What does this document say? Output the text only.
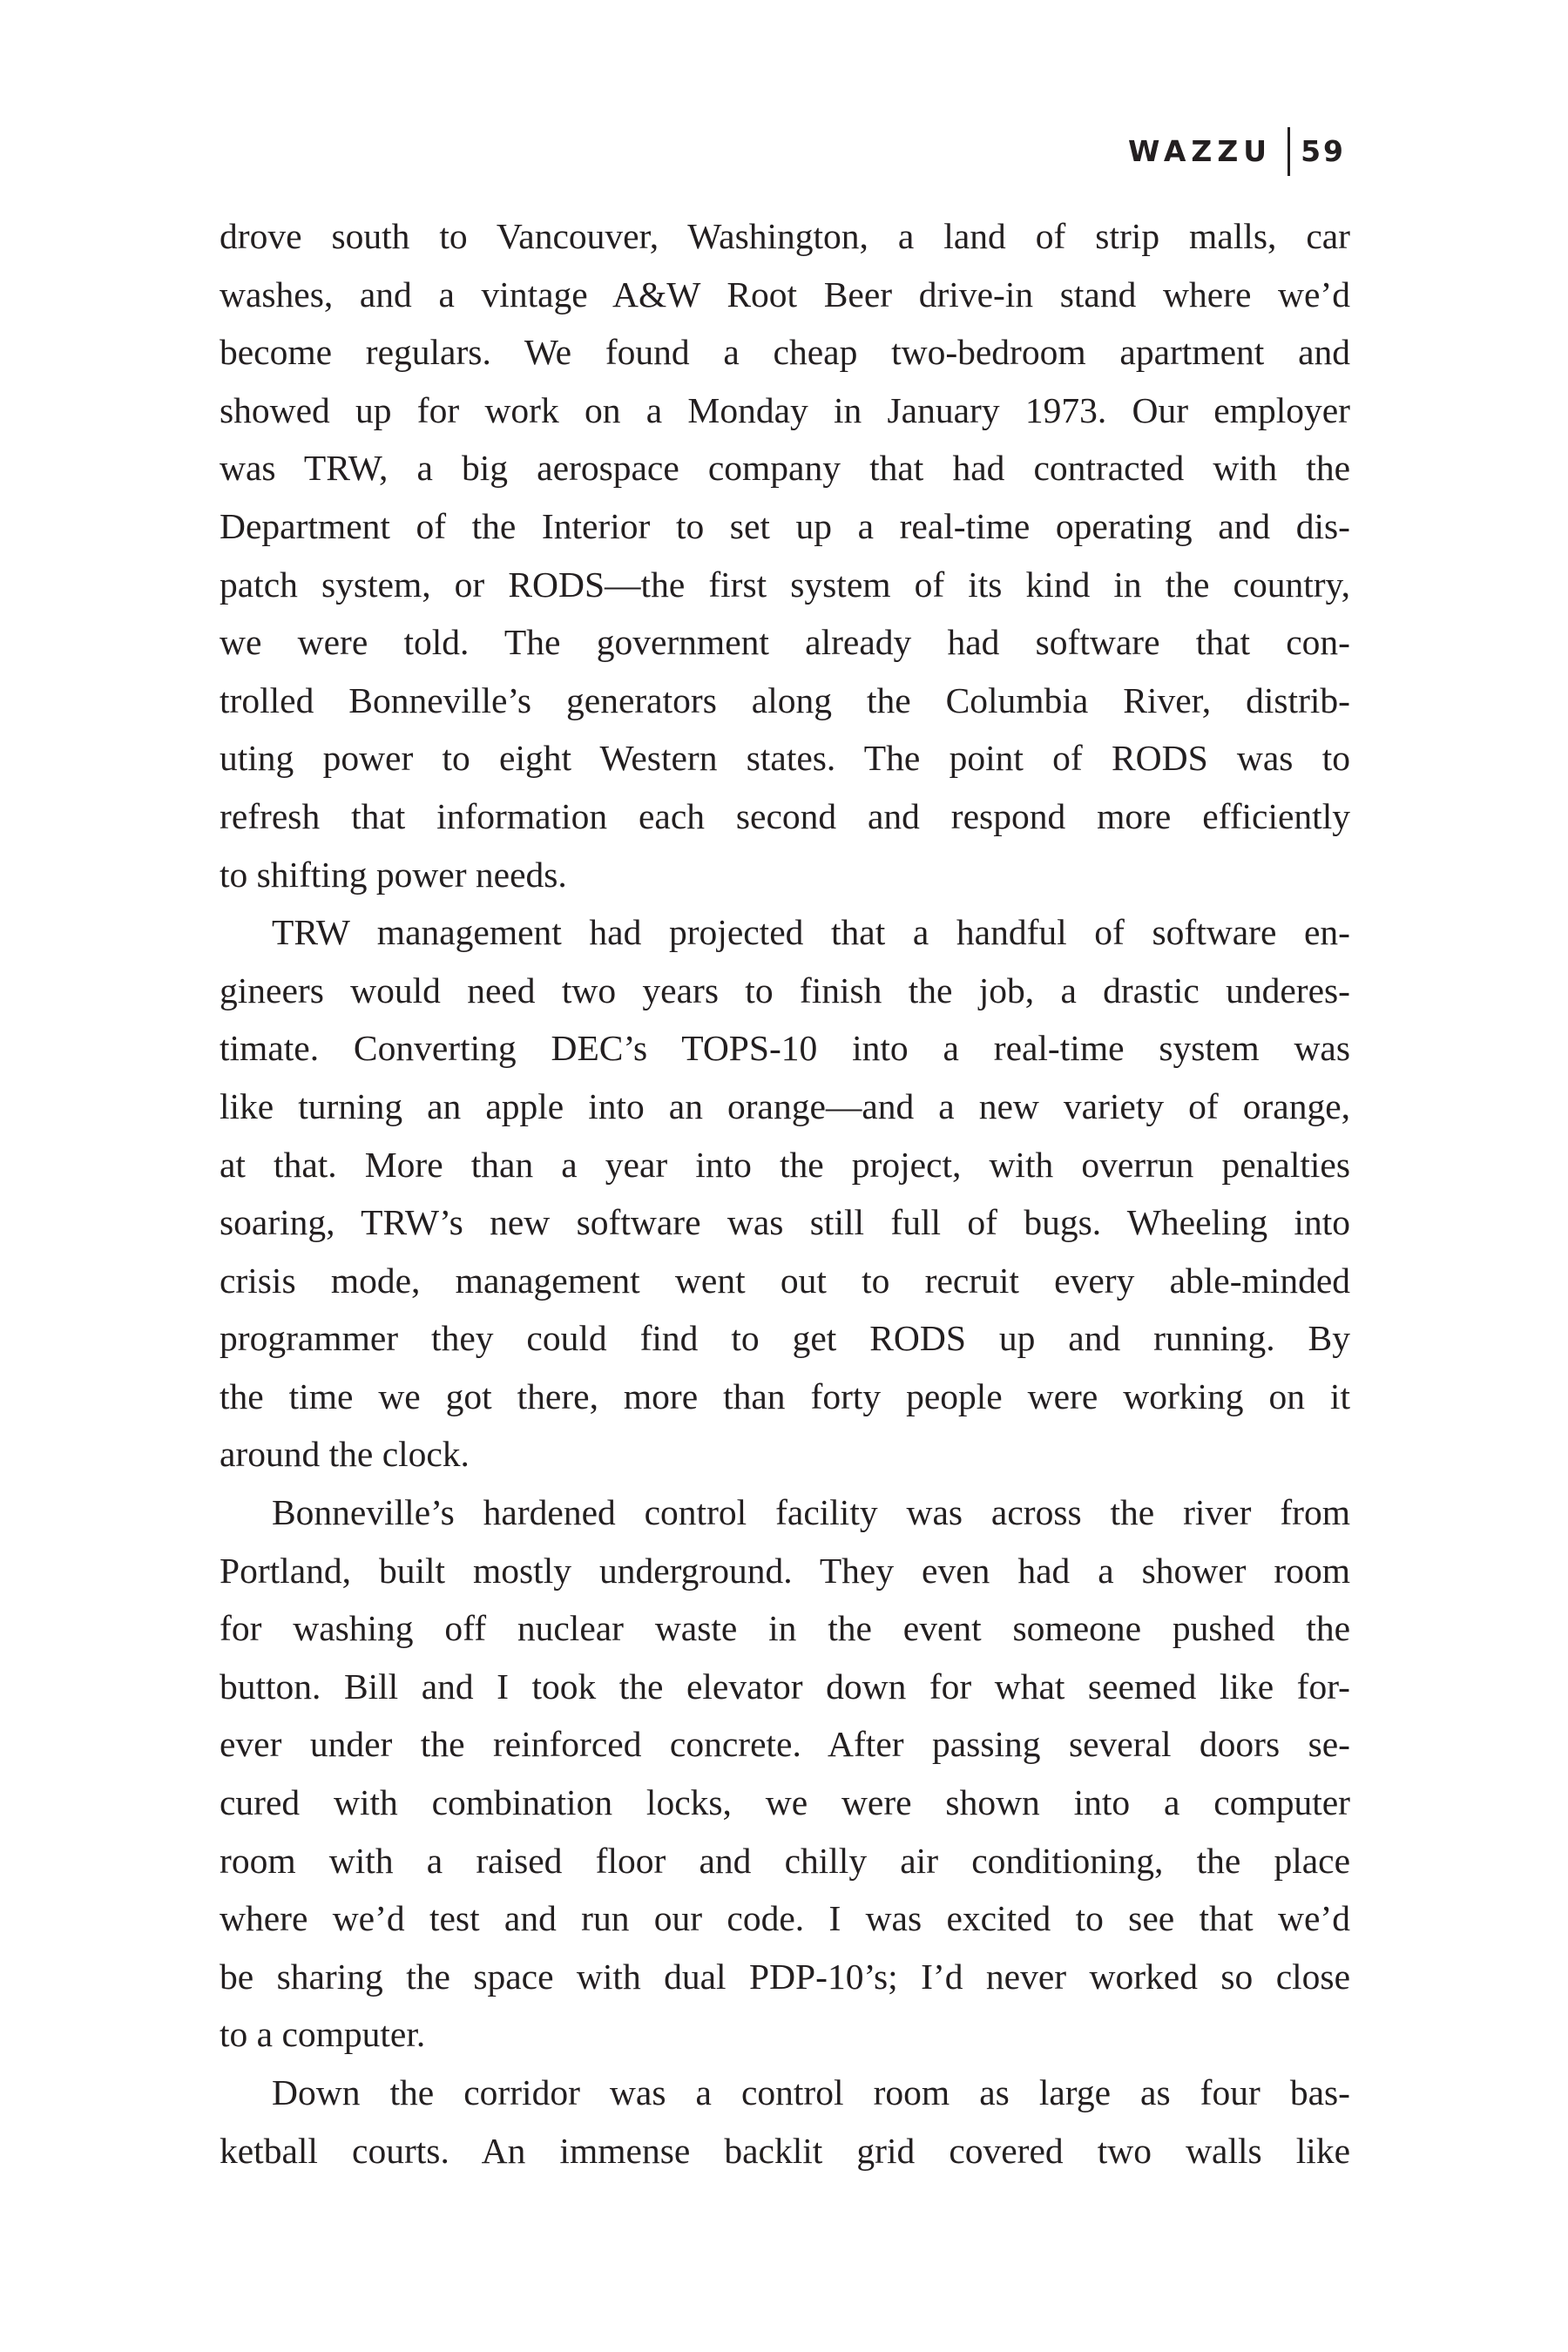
WAZZU 59

drove south to Vancouver, Washington, a land of strip malls, car
washes, and a vintage A&W Root Beer drive-in stand where we’d
become regulars. We found a cheap two-bedroom apartment and
showed up for work on a Monday in January 1973. Our employer
was TRW, a big aerospace company that had contracted with the
Department of the Interior to set up a real-time operating and dis-
patch system, or RODS—the first system of its kind in the country,
we were told. The government already had software that con-
trolled Bonneville’s generators along the Columbia River, distrib-
uting power to eight Western states. The point of RODS was to
refresh that information each second and respond more efficiently
to shifting power needs.

TRW management had projected that a handful of software en-
gineers would need two years to finish the job, a drastic underes-
timate. Converting DEC’s TOPS-10 into a real-time system was
like turning an apple into an orange—and a new variety of orange,
at that. More than a year into the project, with overrun penalties
soaring, TRW’s new software was still full of bugs. Wheeling into
crisis mode, management went out to recruit every able-minded
programmer they could find to get RODS up and running. By
the time we got there, more than forty people were working on it
around the clock.

Bonneville’s hardened control facility was across the river from
Portland, built mostly underground. They even had a shower room
for washing off nuclear waste in the event someone pushed the
button. Bill and I took the elevator down for what seemed like for-
ever under the reinforced concrete. After passing several doors se-
cured with combination locks, we were shown into a computer
room with a raised floor and chilly air conditioning, the place
where we’d test and run our code. I was excited to see that we’d
be sharing the space with dual PDP-10’s; I’d never worked so close
to a computer.

Down the corridor was a control room as large as four bas-
ketball courts. An immense backlit grid covered two walls like
